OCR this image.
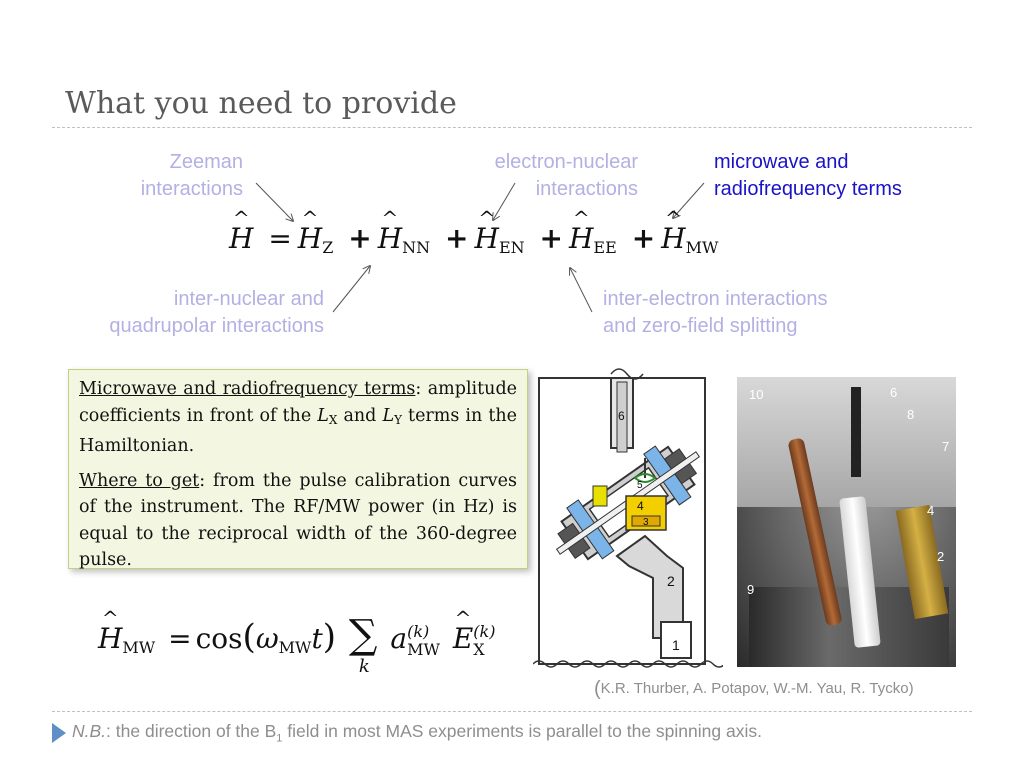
What you need to provide
Zeeman
interactions
electron-nuclear
interactions
microwave and
radiofrequency terms
inter-nuclear and
quadrupolar interactions
inter-electron interactions
and zero-field splitting
^ H = ^ $H_Z$ + ^ $H_{NN}$ + ^ $H_{EN}$ + ^ $H_{EE}$ + ^ $H_{MW}$

Microwave and radiofrequency terms: amplitude coefficients in front of the $L_X$ and $L_Y$ terms in the Hamiltonian.

Where to get: from the pulse calibration curves of the instrument. The RF/MW power (in Hz) is equal to the reciprocal width of the 360-degree pulse.

^ $H_{MW} = \cos(\omega_{MW}t)$ ∑
k
a (k)
MW ^ E (k)
X
6
5
4
3
2
1
10	6
8
7
4
2
9
(K.R. Thurber, A. Potapov, W.-M. Yau, R. Tycko)
N.B.: the direction of the $B_1$ field in most MAS experiments is parallel to the spinning axis.
